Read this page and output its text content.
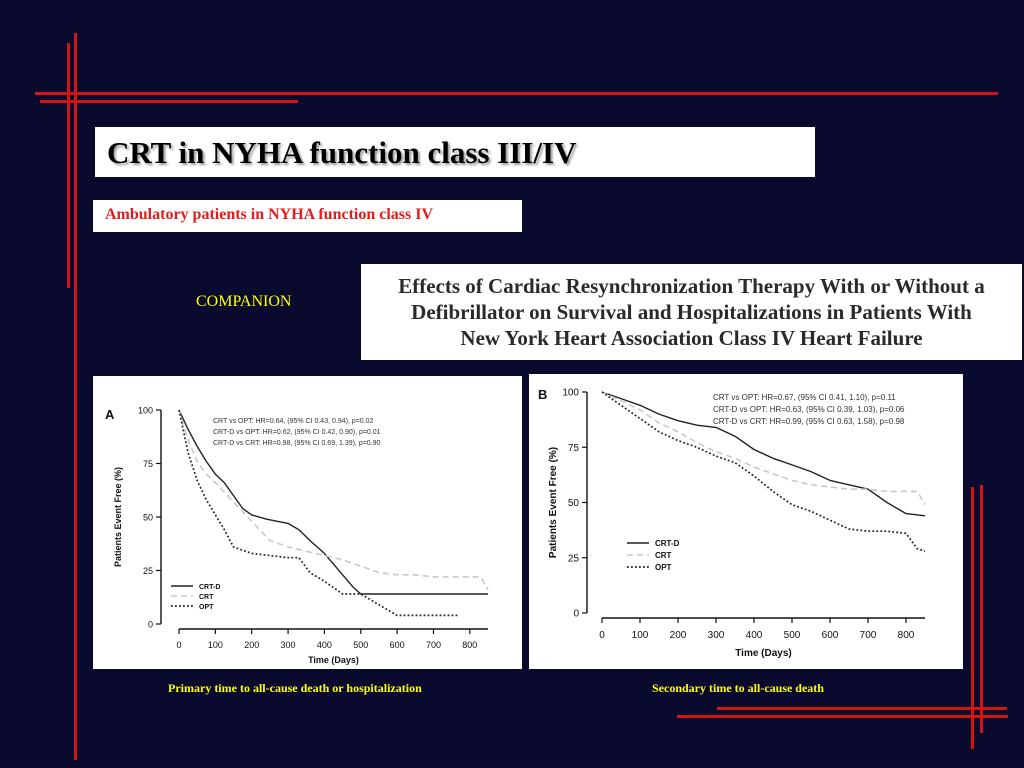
CRT in NYHA function class III/IV
Ambulatory patients in NYHA function class IV
COMPANION
Effects of Cardiac Resynchronization Therapy With or Without a
Defibrillator on Survival and Hospitalizations in Patients With
New York Heart Association Class IV Heart Failure
A
0	100 200 300 400 500 600 700 800
0
25
50
75
100
Time (Days)
Patients Event Free (%)
CRT vs OPT: HR=0.64, (95% CI 0.43, 0.94), p=0.02
CRT-D vs OPT: HR=0.62, (95% CI 0.42, 0.90), p=0.01
CRT-D vs CRT: HR=0.98, (95% CI 0.69, 1.39), p=0.90
CRT-D
CRT
OPT
B
0	100 200 300 400 500 600 700 800
0
25
50
75
100
Time (Days)
Patients Event Free (%)
CRT vs OPT: HR=0.67, (95% CI 0.41, 1.10), p=0.11
CRT-D vs OPT: HR=0.63, (95% CI 0.39, 1.03), p=0.06
CRT-D vs CRT: HR=0.99, (95% CI 0.63, 1.58), p=0.98
CRT-D
CRT
OPT
Primary time to all-cause death or hospitalization	Secondary time to all-cause death
